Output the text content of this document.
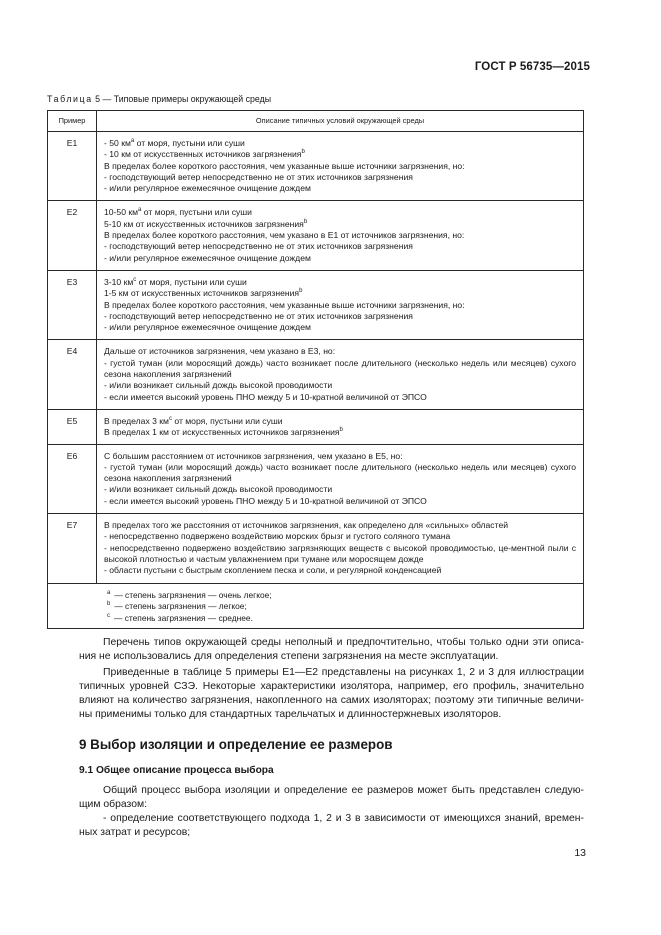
ГОСТ Р 56735—2015
Таблица 5 — Типовые примеры окружающей среды
Пример	Описание типичных условий окружающей среды
E1	- 50 $км^a$ от моря, пустыни или суши
- 10 км от искусственных источников загрязнения$^b$
В пределах более короткого расстояния, чем указанные выше источники загрязнения, но:
- господствующий ветер непосредственно не от этих источников загрязнения
- и/или регулярное ежемесячное очищение дождем

E2	10-50 $км^a$ от моря, пустыни или суши
5-10 км от искусственных источников загрязнения$^b$
В пределах более короткого расстояния, чем указано в Е1 от источников загрязнения, но:
- господствующий ветер непосредственно не от этих источников загрязнения
- и/или регулярное ежемесячное очищение дождем

E3	3-10 $км^c$ от моря, пустыни или суши
1-5 км от искусственных источников загрязнения$^b$
В пределах более короткого расстояния, чем указанные выше источники загрязнения, но:
- господствующий ветер непосредственно не от этих источников загрязнения
- и/или регулярное ежемесячное очищение дождем

E4	Дальше от источников загрязнения, чем указано в Е3, но:
- густой туман (или моросящий дождь) часто возникает после длительного (несколько недель или месяцев) сухого сезона накопления загрязнений
- и/или возникает сильный дождь высокой проводимости
- если имеется высокий уровень ПНО между 5 и 10-кратной величиной от ЭПСО

E5	В пределах 3 $км^c$ от моря, пустыни или суши
В пределах 1 км от искусственных источников загрязнения$^b$

E6	С большим расстоянием от источников загрязнения, чем указано в Е5, но:
- густой туман (или моросящий дождь) часто возникает после длительного (несколько недель или месяцев) сухого сезона накопления загрязнений
- и/или возникает сильный дождь высокой проводимости
- если имеется высокий уровень ПНО между 5 и 10-кратной величиной от ЭПСО

E7	В пределах того же расстояния от источников загрязнения, как определено для «сильных» областей
- непосредственно подвержено воздействию морских брызг и густого соляного тумана
- непосредственно подвержено воздействию загрязняющих веществ с высокой проводимостью, це-ментной пыли с высокой плотностью и частым увлажнением при тумане или моросящем дожде
- области пустыни с быстрым скоплением песка и соли, и регулярной конденсацией

$^a$ — степень загрязнения — очень легкое;
$^b$ — степень загрязнения — легкое;
$^c$ — степень загрязнения — среднее.	

Перечень типов окружающей среды неполный и предпочтительно, чтобы только одни эти описа-ния не использовались для определения степени загрязнения на месте эксплуатации.

Приведенные в таблице 5 примеры Е1—Е2 представлены на рисунках 1, 2 и 3 для иллюстрации типичных уровней СЗЭ. Некоторые характеристики изолятора, например, его профиль, значительно влияют на количество загрязнения, накопленного на самих изоляторах; поэтому эти типичные величи-ны применимы только для стандартных тарельчатых и длинностержневых изоляторов.

9 Выбор изоляции и определение ее размеров
9.1 Общее описание процесса выбора

Общий процесс выбора изоляции и определение ее размеров может быть представлен следую-щим образом:

- определение соответствующего подхода 1, 2 и 3 в зависимости от имеющихся знаний, времен-ных затрат и ресурсов;

13
